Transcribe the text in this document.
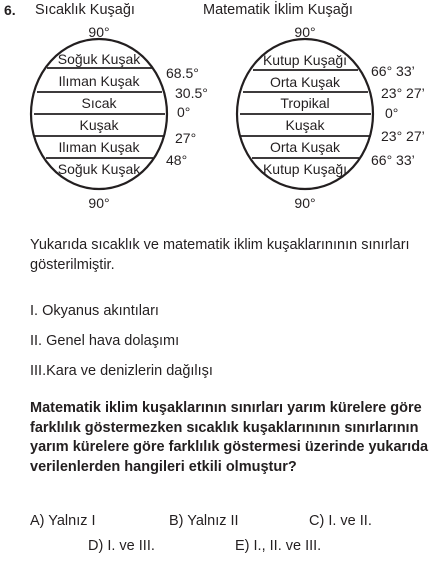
6. Sıcaklık Kuşağı	Matematik İklim Kuşağı
90°
90°
Soğuk Kuşak
Ilıman Kuşak
Sıcak
Kuşak
Ilıman Kuşak
Soğuk Kuşak
68.5°
30.5°
0°
27°
48°
90°
90°
Kutup Kuşağı
Orta Kuşak
Tropikal
Kuşak
Orta Kuşak
Kutup Kuşağı
66° 33’
23° 27’
0°
23° 27’
66° 33’
Yukarıda sıcaklık ve matematik iklim kuşaklarınının sınırları gösterilmiştir.
I. Okyanus akıntıları
II. Genel hava dolaşımı
III.Kara ve denizlerin dağılışı
Matematik iklim kuşaklarının sınırları yarım kürelere göre farklılık göstermezken sıcaklık kuşaklarınının sınırlarının yarım kürelere göre farklılık göstermesi üzerinde yukarıda verilenlerden hangileri etkili olmuştur?
A) Yalnız I	B) Yalnız II	C) I. ve II.
D) I. ve III.	E) I., II. ve III.
